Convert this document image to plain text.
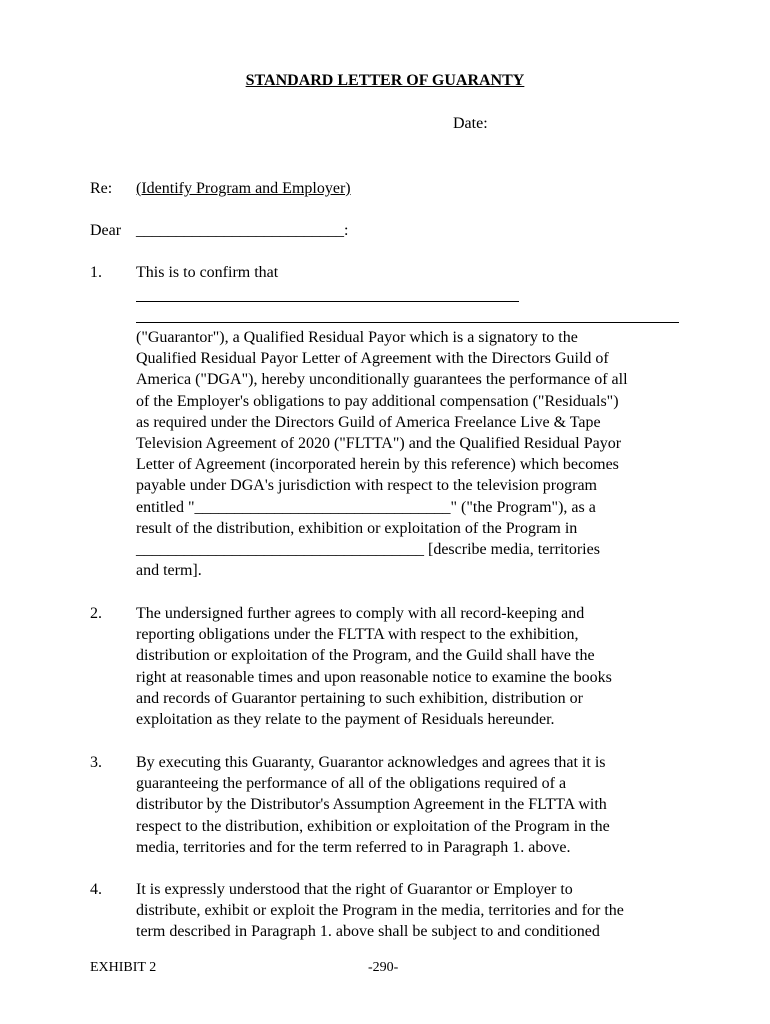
STANDARD LETTER OF GUARANTY
Date:
Re: (Identify Program and Employer)
Dear __________________________:
1. This is to confirm that
("Guarantor"), a Qualified Residual Payor which is a signatory to the
Qualified Residual Payor Letter of Agreement with the Directors Guild of
America ("DGA"), hereby unconditionally guarantees the performance of all
of the Employer's obligations to pay additional compensation ("Residuals")
as required under the Directors Guild of America Freelance Live & Tape
Television Agreement of 2020 ("FLTTA") and the Qualified Residual Payor
Letter of Agreement (incorporated herein by this reference) which becomes
payable under DGA's jurisdiction with respect to the television program
entitled "________________________________" ("the Program"), as a
result of the distribution, exhibition or exploitation of the Program in
____________________________________ [describe media, territories
and term].
2. The undersigned further agrees to comply with all record-keeping and
reporting obligations under the FLTTA with respect to the exhibition,
distribution or exploitation of the Program, and the Guild shall have the
right at reasonable times and upon reasonable notice to examine the books
and records of Guarantor pertaining to such exhibition, distribution or
exploitation as they relate to the payment of Residuals hereunder.
3. By executing this Guaranty, Guarantor acknowledges and agrees that it is
guaranteeing the performance of all of the obligations required of a
distributor by the Distributor's Assumption Agreement in the FLTTA with
respect to the distribution, exhibition or exploitation of the Program in the
media, territories and for the term referred to in Paragraph 1. above.
4. It is expressly understood that the right of Guarantor or Employer to
distribute, exhibit or exploit the Program in the media, territories and for the
term described in Paragraph 1. above shall be subject to and conditioned
EXHIBIT 2	-290-
